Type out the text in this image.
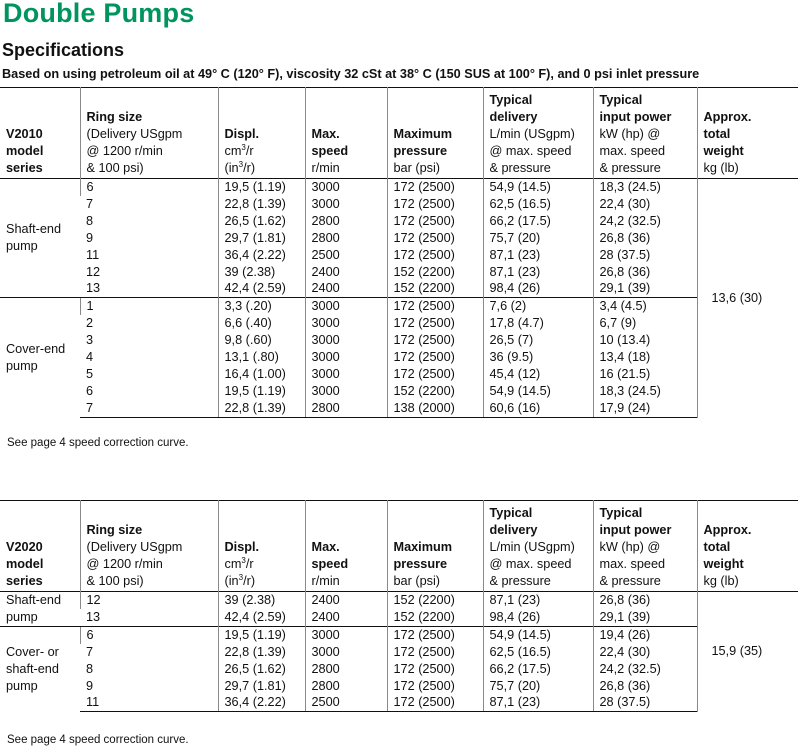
Double Pumps
Specifications

Based on using petroleum oil at 49° C (120° F), viscosity 32 cSt at 38° C (150 SUS at 100° F), and 0 psi inlet pressure

V2010
model
series	Ring size
(Delivery USgpm
@ 1200 r/min
& 100 psi)	Displ.
$cm^3/r$
$(in^3/r)$	Max.
speed
r/min	Maximum
pressure
bar (psi)	Typical
delivery
L/min (USgpm)
@ max. speed
& pressure	Typical
input power
kW (hp) @
max. speed
& pressure	Approx.
total
weight
kg (lb)

Shaft-end
pump	6	19,5 (1.19)	3000	172 (2500)	54,9 (14.5)	18,3 (24.5)	13,6 (30)
	7	22,8 (1.39)	3000	172 (2500)	62,5 (16.5)	22,4 (30)	
	8	26,5 (1.62)	2800	172 (2500)	66,2 (17.5)	24,2 (32.5)	
	9	29,7 (1.81)	2800	172 (2500)	75,7 (20)	26,8 (36)	
	11	36,4 (2.22)	2500	172 (2500)	87,1 (23)	28 (37.5)	
	12	39 (2.38)	2400	152 (2200)	87,1 (23)	26,8 (36)	
	13	42,4 (2.59)	2400	152 (2200)	98,4 (26)	29,1 (39)	

Cover-end
pump	1	3,3 (.20)	3000	172 (2500)	7,6 (2)	3,4 (4.5)	
	2	6,6 (.40)	3000	172 (2500)	17,8 (4.7)	6,7 (9)	
	3	9,8 (.60)	3000	172 (2500)	26,5 (7)	10 (13.4)	
	4	13,1 (.80)	3000	172 (2500)	36 (9.5)	13,4 (18)	
	5	16,4 (1.00)	3000	172 (2500)	45,4 (12)	16 (21.5)	
	6	19,5 (1.19)	3000	152 (2200)	54,9 (14.5)	18,3 (24.5)	
	7	22,8 (1.39)	2800	138 (2000)	60,6 (16)	17,9 (24)	

See page 4 speed correction curve.

V2020
model
series	Ring size
(Delivery USgpm
@ 1200 r/min
& 100 psi)	Displ.
$cm^3/r$
$(in^3/r)$	Max.
speed
r/min	Maximum
pressure
bar (psi)	Typical
delivery
L/min (USgpm)
@ max. speed
& pressure	Typical
input power
kW (hp) @
max. speed
& pressure	Approx.
total
weight
kg (lb)

Shaft-end
pump	12	39 (2.38)	2400	152 (2200)	87,1 (23)	26,8 (36)	15,9 (35)
	13	42,4 (2.59)	2400	152 (2200)	98,4 (26)	29,1 (39)	

Cover- or
shaft-end
pump	6	19,5 (1.19)	3000	172 (2500)	54,9 (14.5)	19,4 (26)	
	7	22,8 (1.39)	3000	172 (2500)	62,5 (16.5)	22,4 (30)	
	8	26,5 (1.62)	2800	172 (2500)	66,2 (17.5)	24,2 (32.5)	
	9	29,7 (1.81)	2800	172 (2500)	75,7 (20)	26,8 (36)	
	11	36,4 (2.22)	2500	172 (2500)	87,1 (23)	28 (37.5)	

See page 4 speed correction curve.
